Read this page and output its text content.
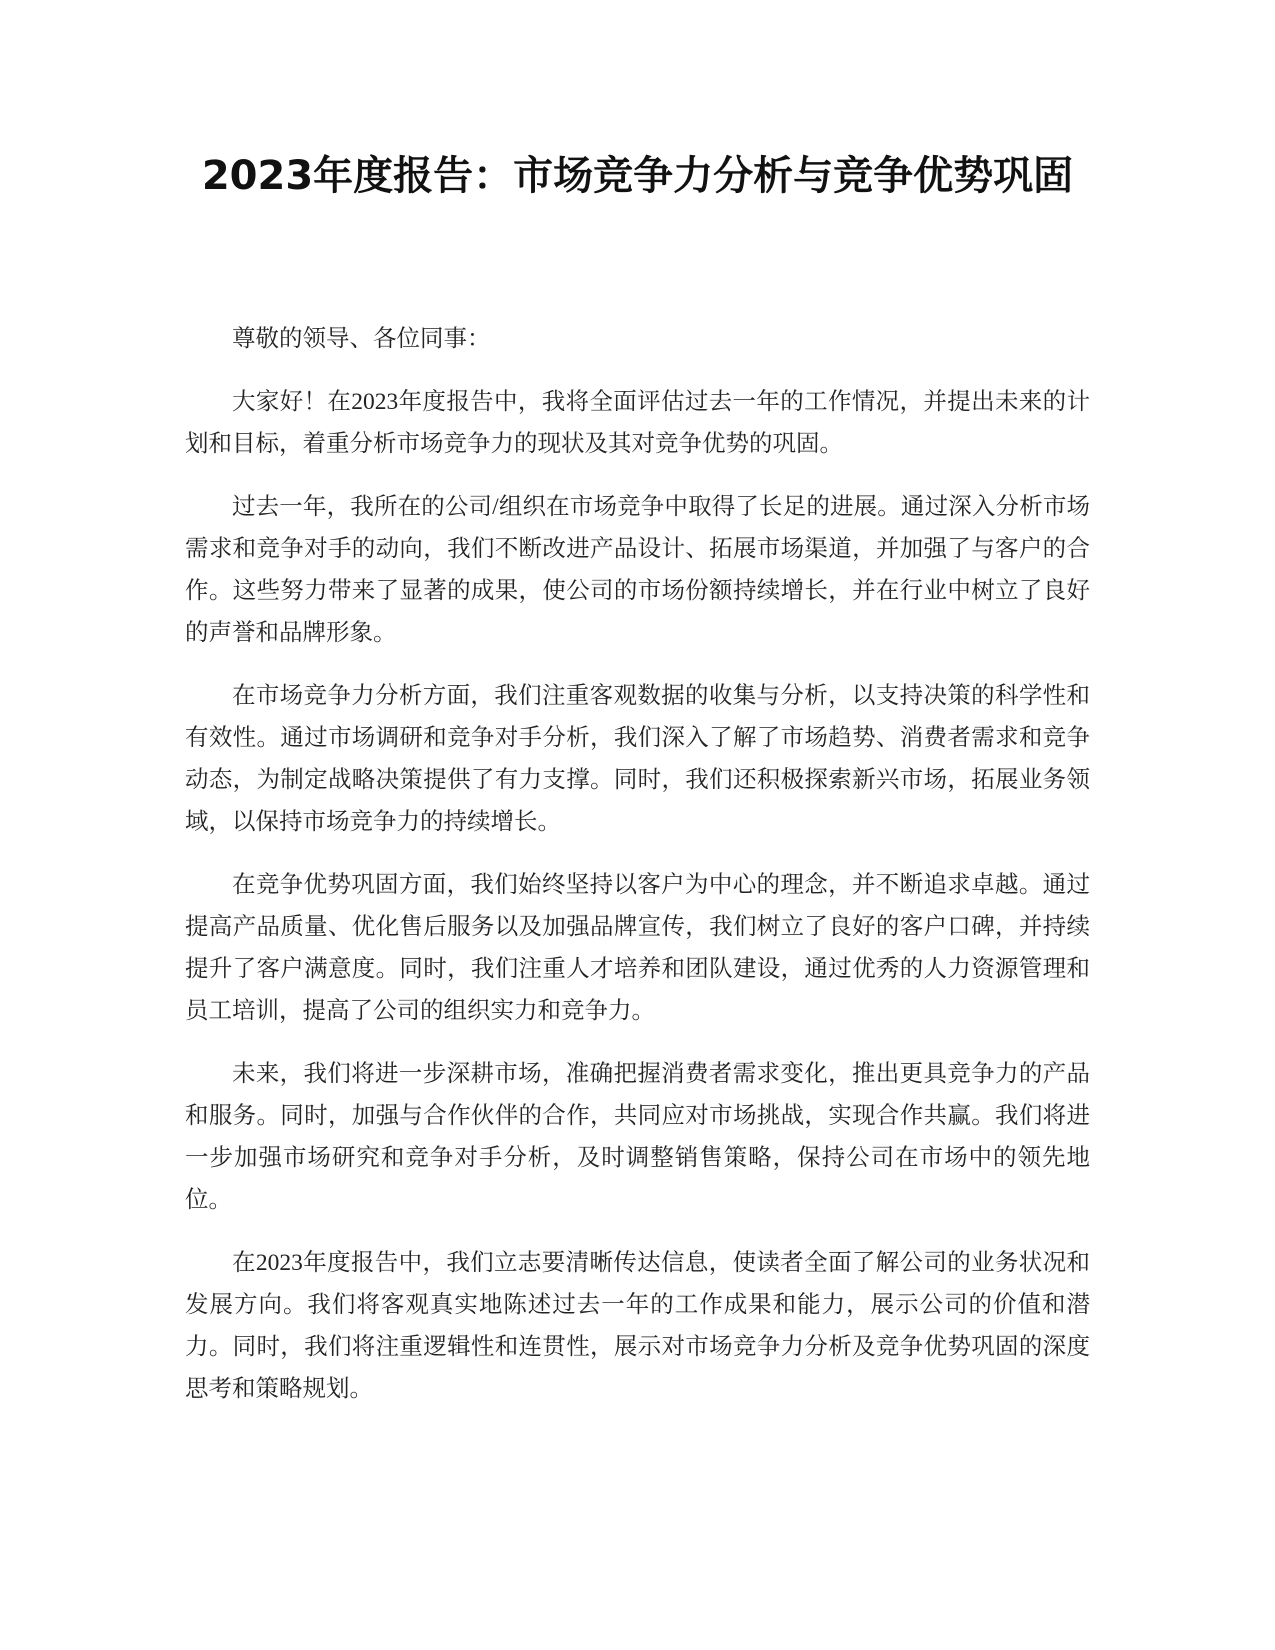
2023年度报告：市场竞争力分析与竞争优势巩固

尊敬的领导、各位同事：

大家好！在2023年度报告中，我将全面评估过去一年的工作情况，并提出未来的计划和目标，着重分析市场竞争力的现状及其对竞争优势的巩固。

过去一年，我所在的公司/组织在市场竞争中取得了长足的进展。通过深入分析市场需求和竞争对手的动向，我们不断改进产品设计、拓展市场渠道，并加强了与客户的合作。这些努力带来了显著的成果，使公司的市场份额持续增长，并在行业中树立了良好的声誉和品牌形象。

在市场竞争力分析方面，我们注重客观数据的收集与分析，以支持决策的科学性和有效性。通过市场调研和竞争对手分析，我们深入了解了市场趋势、消费者需求和竞争动态，为制定战略决策提供了有力支撑。同时，我们还积极探索新兴市场，拓展业务领域，以保持市场竞争力的持续增长。

在竞争优势巩固方面，我们始终坚持以客户为中心的理念，并不断追求卓越。通过提高产品质量、优化售后服务以及加强品牌宣传，我们树立了良好的客户口碑，并持续提升了客户满意度。同时，我们注重人才培养和团队建设，通过优秀的人力资源管理和员工培训，提高了公司的组织实力和竞争力。

未来，我们将进一步深耕市场，准确把握消费者需求变化，推出更具竞争力的产品和服务。同时，加强与合作伙伴的合作，共同应对市场挑战，实现合作共赢。我们将进一步加强市场研究和竞争对手分析，及时调整销售策略，保持公司在市场中的领先地位。

在2023年度报告中，我们立志要清晰传达信息，使读者全面了解公司的业务状况和发展方向。我们将客观真实地陈述过去一年的工作成果和能力，展示公司的价值和潜力。同时，我们将注重逻辑性和连贯性，展示对市场竞争力分析及竞争优势巩固的深度思考和策略规划。
